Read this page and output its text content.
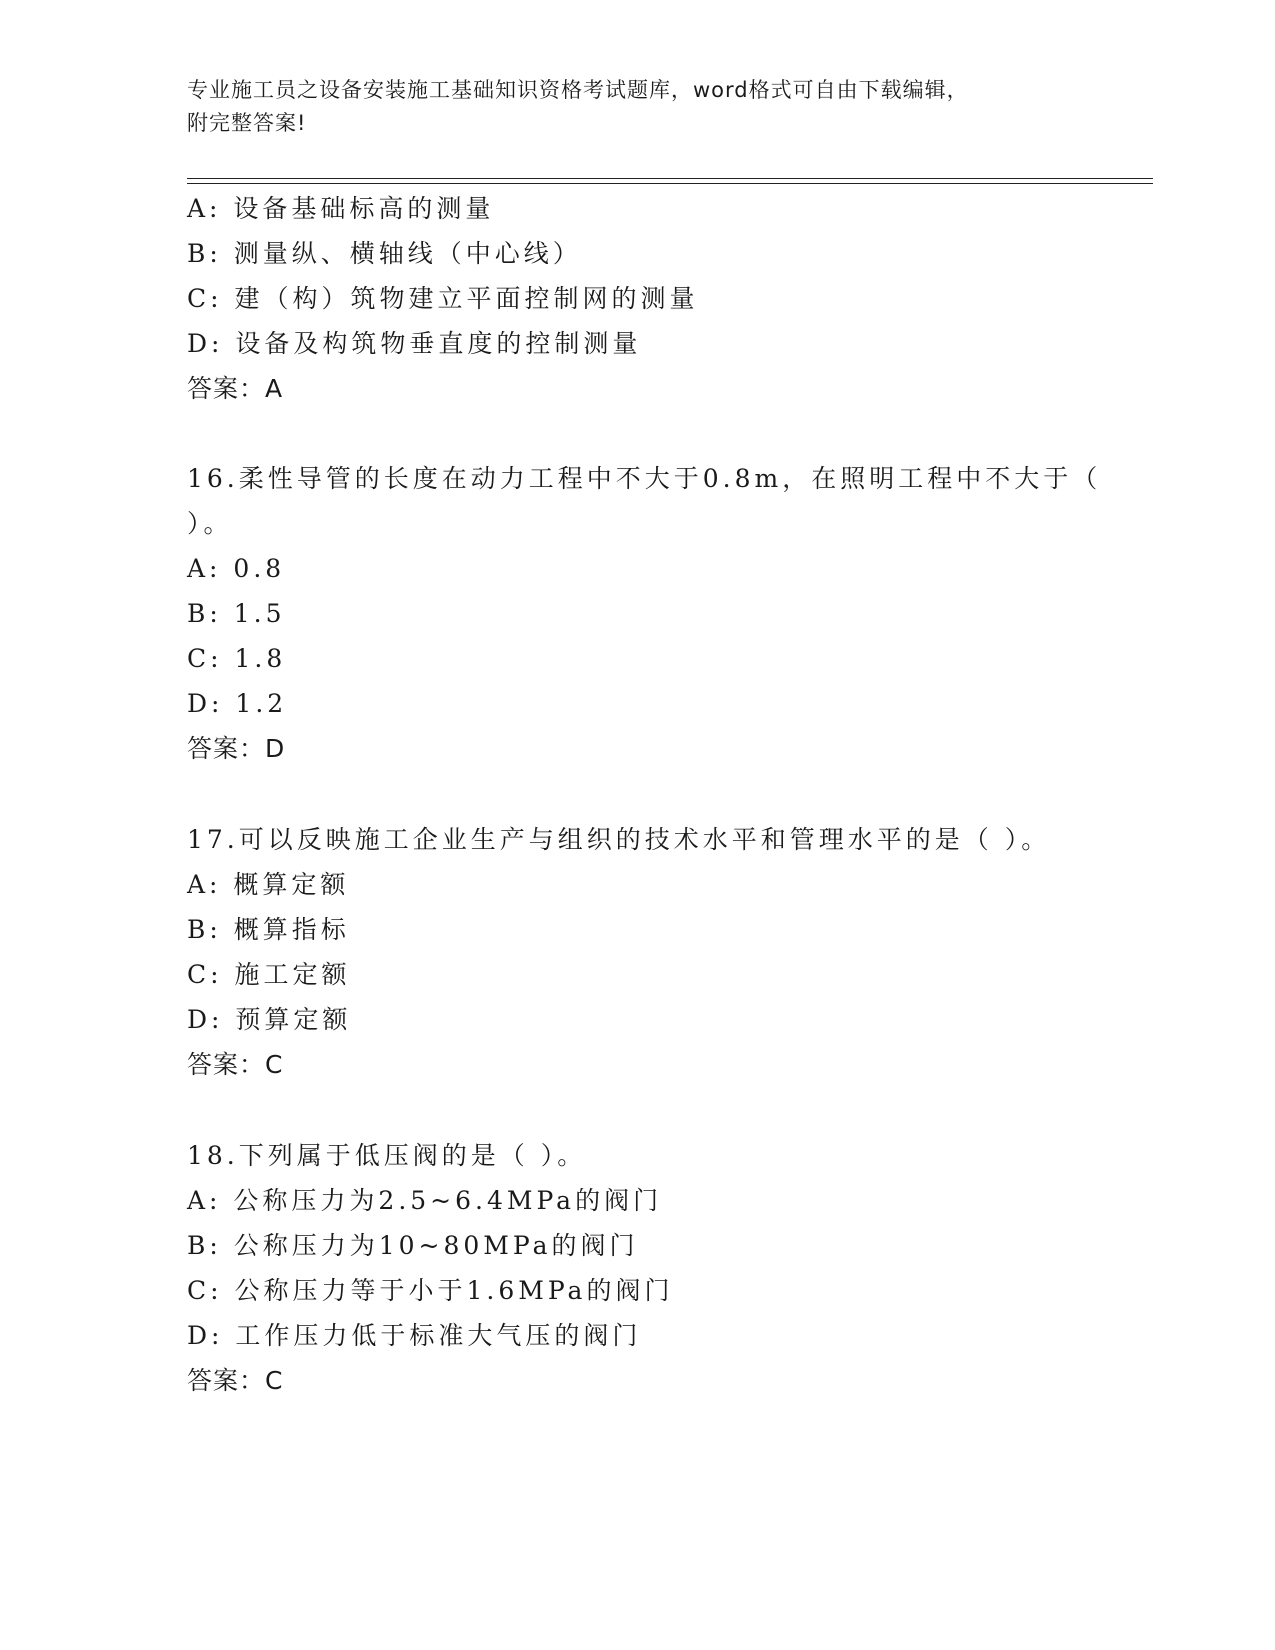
专业施工员之设备安装施工基础知识资格考试题库，word格式可自由下载编辑，
附完整答案!
A: 设备基础标高的测量
B: 测量纵、横轴线（中心线）
C: 建（构）筑物建立平面控制网的测量
D: 设备及构筑物垂直度的控制测量
答案：A
16.柔性导管的长度在动力工程中不大于0.8m，在照明工程中不大于（
）。
A: 0.8
B: 1.5
C: 1.8
D: 1.2
答案：D
17.可以反映施工企业生产与组织的技术水平和管理水平的是（ ）。
A: 概算定额
B: 概算指标
C: 施工定额
D: 预算定额
答案：C
18.下列属于低压阀的是（ ）。
A: 公称压力为2.5~6.4MPa的阀门
B: 公称压力为10~80MPa的阀门
C: 公称压力等于小于1.6MPa的阀门
D: 工作压力低于标准大气压的阀门
答案：C
